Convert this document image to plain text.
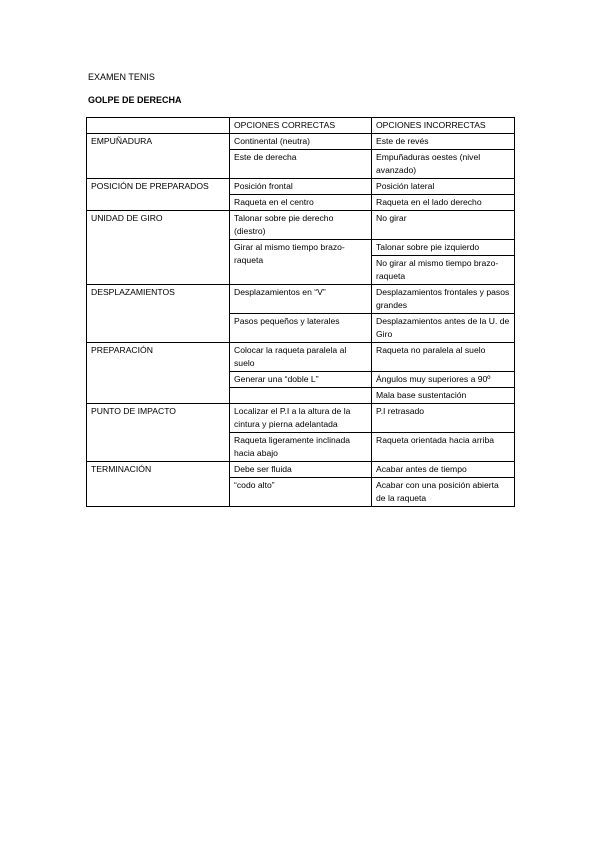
EXAMEN TENIS
GOLPE DE DERECHA
	OPCIONES CORRECTAS	OPCIONES INCORRECTAS
EMPUÑADURA	Continental (neutra)	Este de revés
	Este de derecha	Empuñaduras oestes (nivel avanzado)
POSICIÓN DE PREPARADOS	Posición frontal	Posición lateral
	Raqueta en el centro	Raqueta en el lado derecho
UNIDAD DE GIRO	Talonar sobre pie derecho (diestro)	No girar
	Girar al mismo tiempo brazo-raqueta	Talonar sobre pie izquierdo
		No girar al mismo tiempo brazo-raqueta
DESPLAZAMIENTOS	Desplazamientos en “V”	Desplazamientos frontales y pasos grandes
	Pasos pequeños y laterales	Desplazamientos antes de la U. de Giro
PREPARACIÓN	Colocar la raqueta paralela al suelo	Raqueta no paralela al suelo
	Generar una “doble L”	Ángulos muy superiores a 90º
		Mala base sustentación
PUNTO DE IMPACTO	Localizar el P.I a la altura de la cintura y pierna adelantada	P.I retrasado
	Raqueta ligeramente inclinada hacia abajo	Raqueta orientada hacia arriba
TERMINACIÓN	Debe ser fluida	Acabar antes de tiempo
	“codo alto”	Acabar con una posición abierta de la raqueta
